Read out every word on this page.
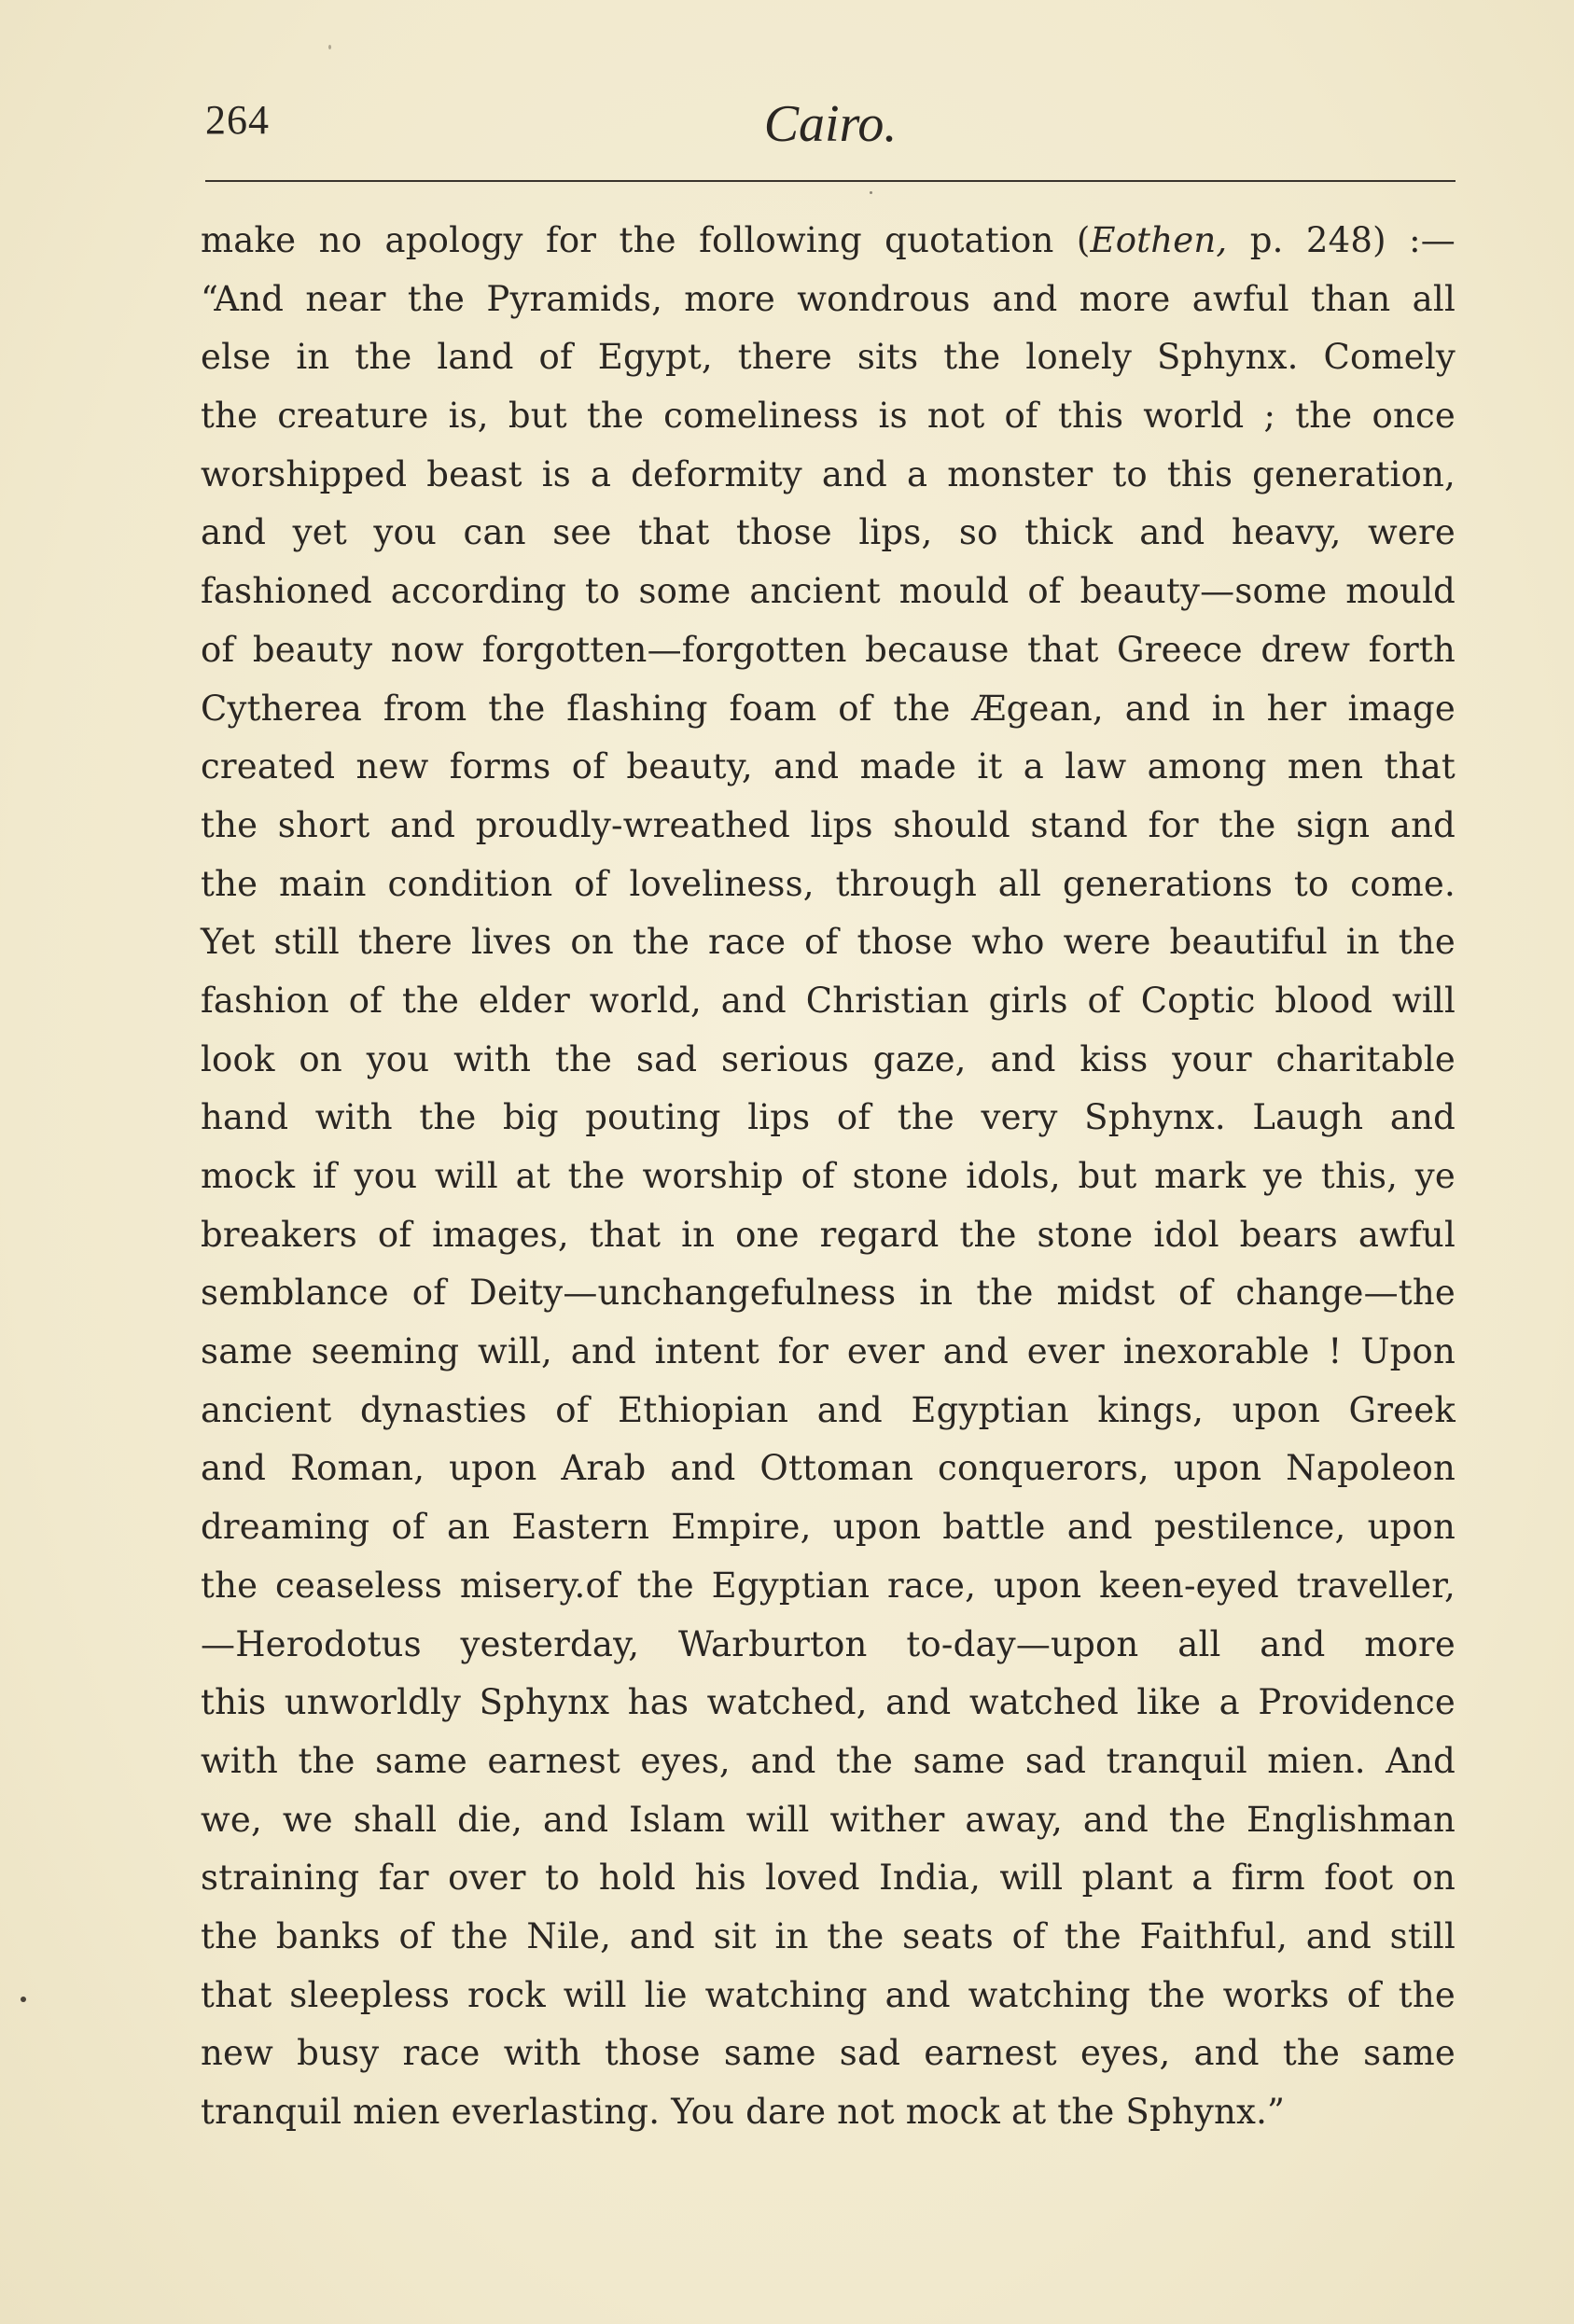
264	Cairo.
make no apology for the following quotation (Eothen, p. 248) :—
“And near the Pyramids, more wondrous and more awful than all
else in the land of Egypt, there sits the lonely Sphynx. Comely
the creature is, but the comeliness is not of this world ; the once
worshipped beast is a deformity and a monster to this generation,
and yet you can see that those lips, so thick and heavy, were
fashioned according to some ancient mould of beauty—some mould
of beauty now forgotten—forgotten because that Greece drew forth
Cytherea from the flashing foam of the Ægean, and in her image
created new forms of beauty, and made it a law among men that
the short and proudly-wreathed lips should stand for the sign and
the main condition of loveliness, through all generations to come.
Yet still there lives on the race of those who were beautiful in the
fashion of the elder world, and Christian girls of Coptic blood will
look on you with the sad serious gaze, and kiss your charitable
hand with the big pouting lips of the very Sphynx. Laugh and
mock if you will at the worship of stone idols, but mark ye this, ye
breakers of images, that in one regard the stone idol bears awful
semblance of Deity—unchangefulness in the midst of change—the
same seeming will, and intent for ever and ever inexorable ! Upon
ancient dynasties of Ethiopian and Egyptian kings, upon Greek
and Roman, upon Arab and Ottoman conquerors, upon Napoleon
dreaming of an Eastern Empire, upon battle and pestilence, upon
the ceaseless misery.of the Egyptian race, upon keen-eyed traveller,
—Herodotus yesterday, Warburton to-day—upon all and more
this unworldly Sphynx has watched, and watched like a Providence
with the same earnest eyes, and the same sad tranquil mien. And
we, we shall die, and Islam will wither away, and the Englishman
straining far over to hold his loved India, will plant a firm foot on
the banks of the Nile, and sit in the seats of the Faithful, and still
that sleepless rock will lie watching and watching the works of the
new busy race with those same sad earnest eyes, and the same
tranquil mien everlasting. You dare not mock at the Sphynx.”
